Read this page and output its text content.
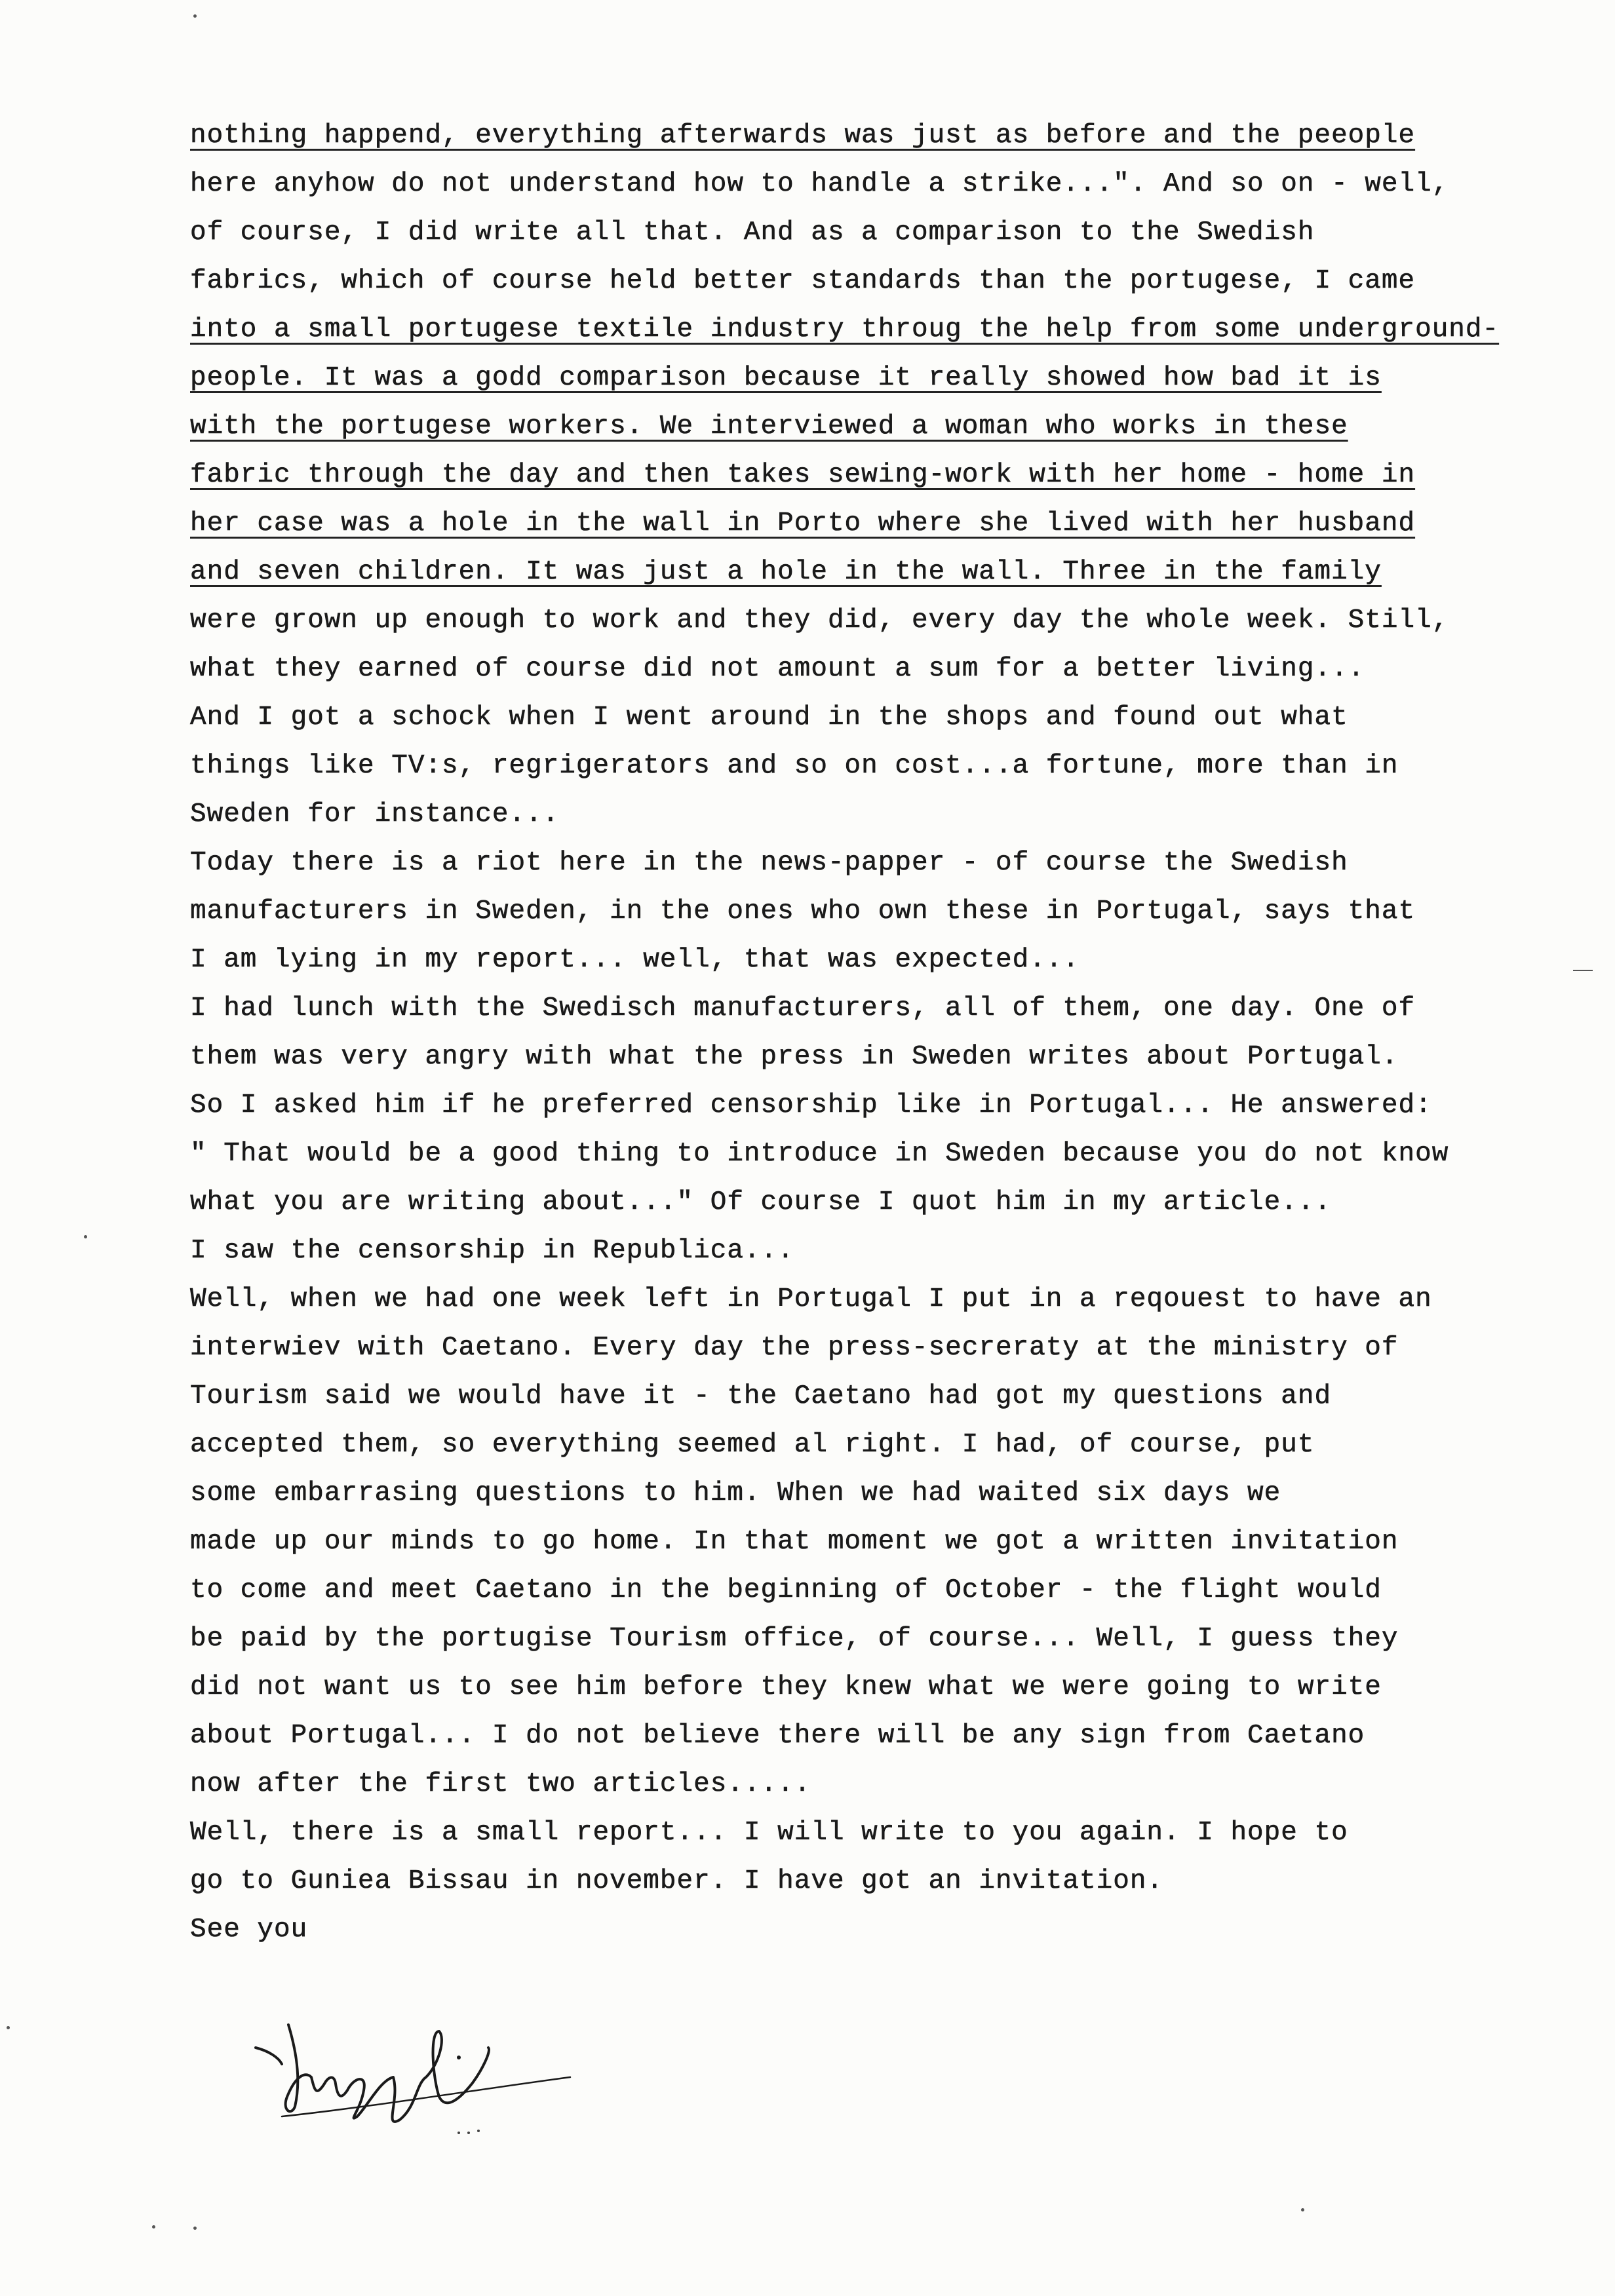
nothing happend, everything afterwards was just as before and the peeople
here anyhow do not understand how to handle a strike...". And so on - well,
of course, I did write all that. And as a comparison to the Swedish
fabrics, which of course held better standards than the portugese, I came
into a small portugese textile industry throug the help from some underground-
people. It was a godd comparison because it really showed how bad it is
with the portugese workers. We interviewed a woman who works in these
fabric through the day and then takes sewing-work with her home - home in
her case was a hole in the wall in Porto where she lived with her husband
and seven children. It was just a hole in the wall. Three in the family
were grown up enough to work and they did, every day the whole week. Still,
what they earned of course did not amount a sum for a better living...
And I got a schock when I went around in the shops and found out what
things like TV:s, regrigerators and so on cost...a fortune, more than in
Sweden for instance...
Today there is a riot here in the news-papper - of course the Swedish
manufacturers in Sweden, in the ones who own these in Portugal, says that
I am lying in my report... well, that was expected...
I had lunch with the Swedisch manufacturers, all of them, one day. One of
them was very angry with what the press in Sweden writes about Portugal.
So I asked him if he preferred censorship like in Portugal... He answered:
" That would be a good thing to introduce in Sweden because you do not know
what you are writing about..." Of course I quot him in my article...
I saw the censorship in Republica...
Well, when we had one week left in Portugal I put in a reqouest to have an
interwiev with Caetano. Every day the press-secreraty at the ministry of
Tourism said we would have it - the Caetano had got my questions and
accepted them, so everything seemed al right. I had, of course, put
some embarrasing questions to him. When we had waited six days we
made up our minds to go home. In that moment we got a written invitation
to come and meet Caetano in the beginning of October - the flight would
be paid by the portugise Tourism office, of course... Well, I guess they
did not want us to see him before they knew what we were going to write
about Portugal... I do not believe there will be any sign from Caetano
now after the first two articles.....
Well, there is a small report... I will write to you again. I hope to
go to Guniea Bissau in november. I have got an invitation.
See you
